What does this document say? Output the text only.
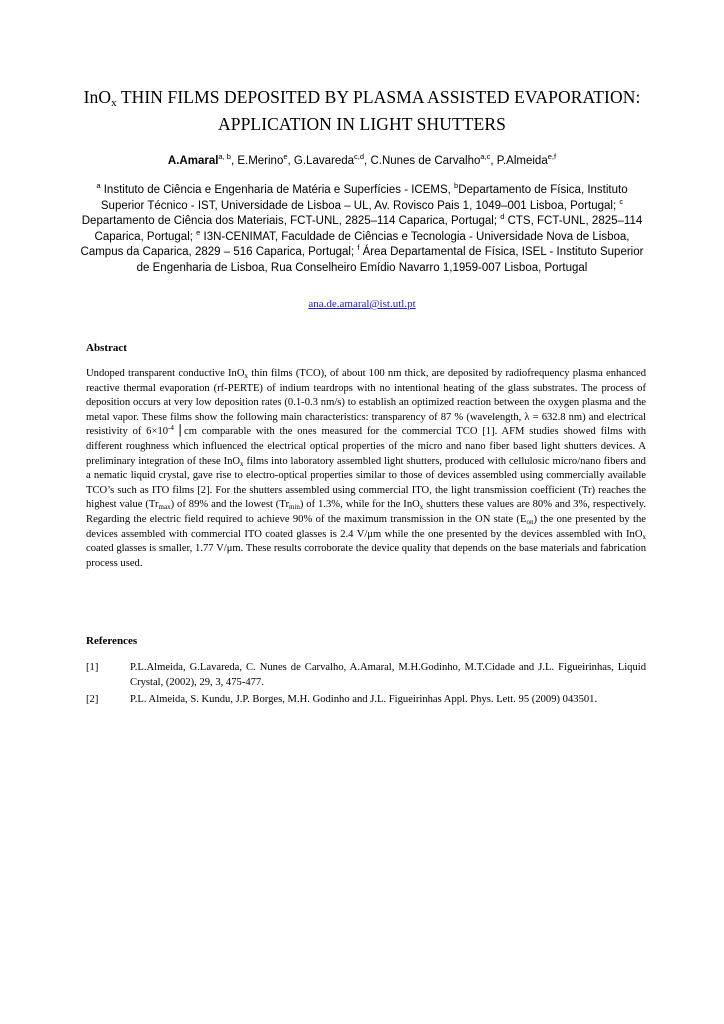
InO$_x$ THIN FILMS DEPOSITED BY PLASMA ASSISTED EVAPORATION:
APPLICATION IN LIGHT SHUTTERS
A.Amaral$^{a, b}$, E.Merino$^e$, G.Lavareda$^{c,d}$, C.Nunes de Carvalho$^{a,c}$, P.Almeida$^{e,f}$
$^a$ Instituto de Ciência e Engenharia de Matéria e Superfícies - ICEMS, $^b$Departamento de Física, Instituto Superior Técnico - IST, Universidade de Lisboa – UL, Av. Rovisco Pais 1, 1049–001 Lisboa, Portugal; $^c$ Departamento de Ciência dos Materiais, FCT-UNL, 2825–114 Caparica, Portugal; $^d$ CTS, FCT-UNL, 2825–114 Caparica, Portugal; $^e$ I3N-CENIMAT, Faculdade de Ciências e Tecnologia - Universidade Nova de Lisboa, Campus da Caparica, 2829 – 516 Caparica, Portugal; $^f$ Área Departamental de Física, ISEL - Instituto Superior de Engenharia de Lisboa, Rua Conselheiro Emídio Navarro 1,1959-007 Lisboa, Portugal
ana.de.amaral@ist.utl.pt
Abstract
Undoped transparent conductive InO$_x$ thin films (TCO), of about 100 nm thick, are deposited by radiofrequency plasma enhanced reactive thermal evaporation (rf-PERTE) of indium teardrops with no intentional heating of the glass substrates. The process of deposition occurs at very low deposition rates (0.1-0.3 nm/s) to establish an optimized reaction between the oxygen plasma and the metal vapor. These films show the following main characteristics: transparency of 87 % (wavelength, λ = 632.8 nm) and electrical resistivity of $6\times 10^{-4}$ ⎢cm comparable with the ones measured for the commercial TCO [1]. AFM studies showed films with different roughness which influenced the electrical optical properties of the micro and nano fiber based light shutters devices. A preliminary integration of these InO$_x$ films into laboratory assembled light shutters, produced with cellulosic micro/nano fibers and a nematic liquid crystal, gave rise to electro-optical properties similar to those of devices assembled using commercially available TCO’s such as ITO films [2]. For the shutters assembled using commercial ITO, the light transmission coefficient (Tr) reaches the highest value $(Tr_{max})$ of 89% and the lowest $(Tr_{min})$ of 1.3%, while for the InO$_x$ shutters these values are 80% and 3%, respectively. Regarding the electric field required to achieve 90% of the maximum transmission in the ON state $(E_{on})$ the one presented by the devices assembled with commercial ITO coated glasses is 2.4 V/μm while the one presented by the devices assembled with InO$_x$ coated glasses is smaller, 1.77 V/μm. These results corroborate the device quality that depends on the base materials and fabrication process used.
References
[1]	P.L.Almeida, G.Lavareda, C. Nunes de Carvalho, A.Amaral, M.H.Godinho, M.T.Cidade and J.L. Figueirinhas, Liquid Crystal, (2002), 29, 3, 475-477.
[2]	P.L. Almeida, S. Kundu, J.P. Borges, M.H. Godinho and J.L. Figueirinhas Appl. Phys. Lett. 95 (2009) 043501.
